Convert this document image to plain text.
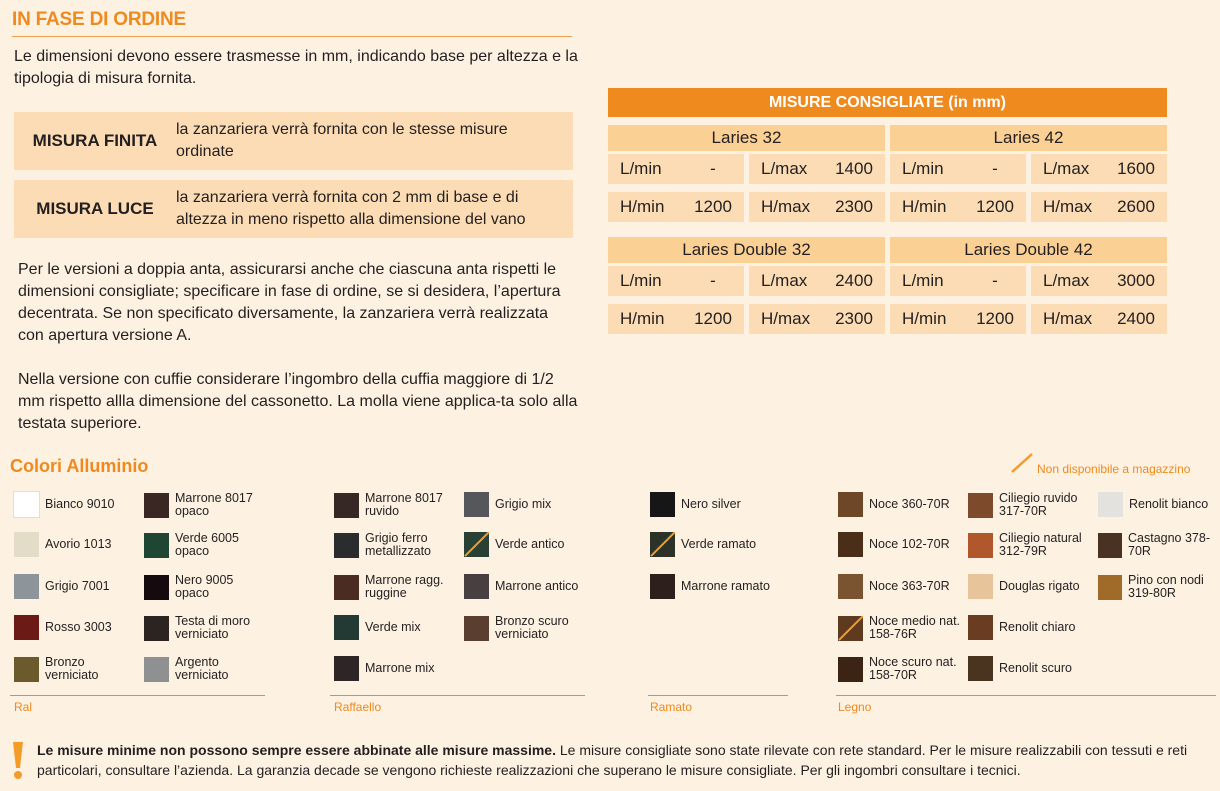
IN FASE DI ORDINE
Le dimensioni devono essere trasmesse in mm, indicando base per altezza e la tipologia di misura fornita.
MISURA FINITA
la zanzariera verrà fornita con le stesse misure ordinate
MISURA LUCE
la zanzariera verrà fornita con 2 mm di base e di altezza in meno rispetto alla dimensione del vano
Per le versioni a doppia anta, assicurarsi anche che ciascuna anta rispetti le dimensioni consigliate; specificare in fase di ordine, se si desidera, l’apertura decentrata. Se non specificato diversamente, la zanzariera verrà realizzata con apertura versione A.
Nella versione con cuffie considerare l’ingombro della cuffia maggiore di 1/2 mm rispetto allla dimensione del cassonetto. La molla viene applica-ta solo alla testata superiore.
MISURE CONSIGLIATE (in mm)
Laries 32
L/min	-	L/max	1400
H/min	1200	H/max	2300
Laries 42
L/min	-	L/max	1600
H/min	1200	H/max	2600
Laries Double 32
L/min	-	L/max	2400
H/min	1200	H/max	2300
Laries Double 42
L/min	-	L/max	3000
H/min	1200	H/max	2400
Colori Alluminio	Non disponibile a magazzino
Bianco 9010
Avorio 1013
Grigio 7001
Rosso 3003
Bronzo verniciato
Marrone 8017 opaco
Verde 6005 opaco
Nero 9005 opaco
Testa di moro verniciato
Argento verniciato
Ral
Marrone 8017 ruvido
Grigio ferro metallizzato
Marrone ragg. ruggine
Verde mix
Marrone mix
Grigio mix
Verde antico
Marrone antico
Bronzo scuro verniciato
Raffaello
Nero silver
Verde ramato
Marrone ramato
Ramato
Noce 360-70R
Noce 102-70R
Noce 363-70R
Noce medio nat. 158-76R
Noce scuro nat. 158-70R
Ciliegio ruvido 317-70R
Ciliegio natural 312-79R
Douglas rigato
Renolit chiaro
Renolit scuro
Renolit bianco
Castagno 378-70R
Pino con nodi 319-80R
Legno
Le misure minime non possono sempre essere abbinate alle misure massime. Le misure consigliate sono state rilevate con rete standard. Per le misure realizzabili con tessuti e reti particolari, consultare l’azienda. La garanzia decade se vengono richieste realizzazioni che superano le misure consigliate. Per gli ingombri consultare i tecnici.
